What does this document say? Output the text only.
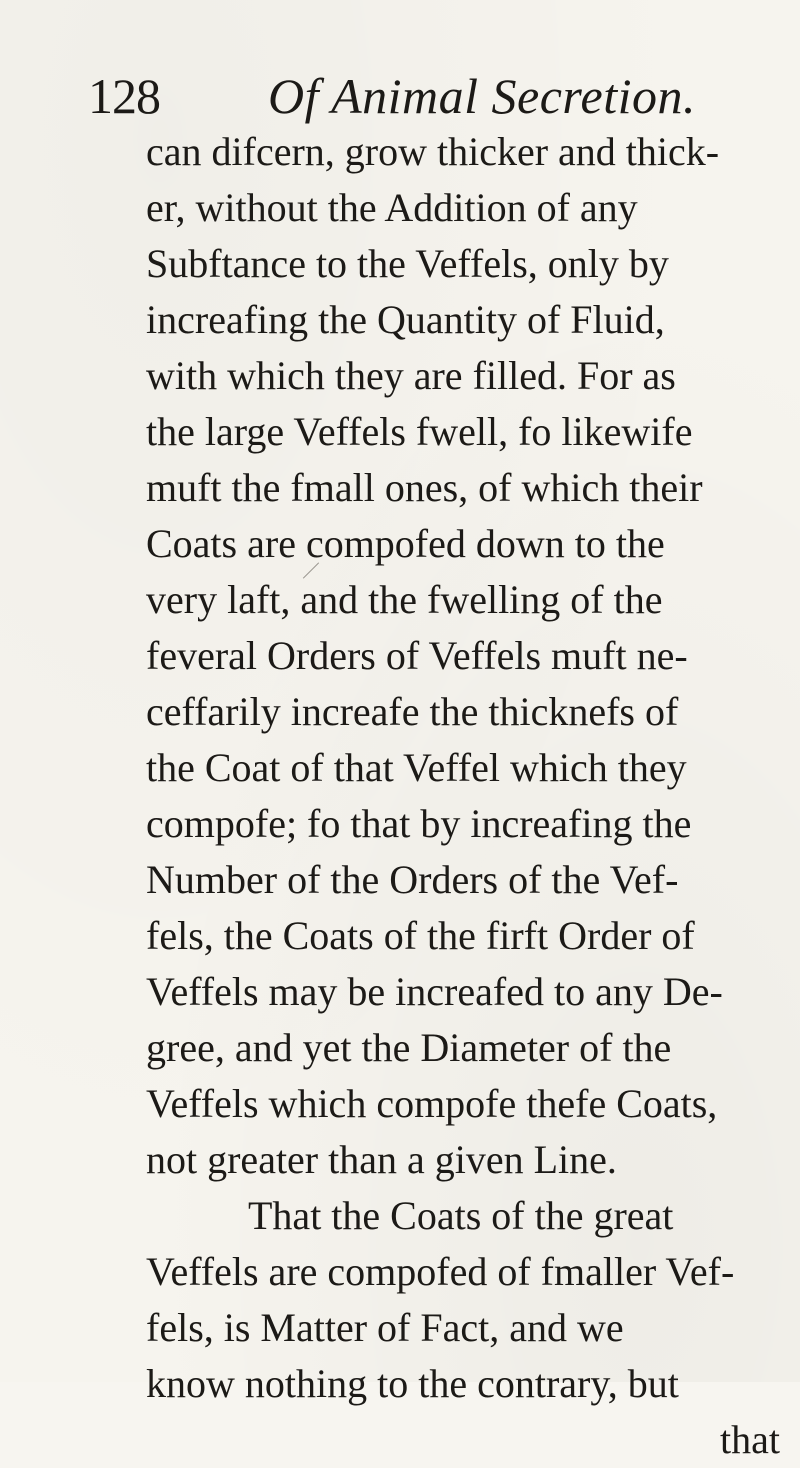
128 Of Animal Secretion.
can difcern, grow thicker and thick-
er, without the Addition of any
Subftance to the Veffels, only by
increafing the Quantity of Fluid,
with which they are filled. For as
the large Veffels fwell, fo likewife
muft the fmall ones, of which their
Coats are compofed down to the
very laft, and the fwelling of the
feveral Orders of Veffels muft ne-
ceffarily increafe the thicknefs of
the Coat of that Veffel which they
compofe; fo that by increafing the
Number of the Orders of the Vef-
fels, the Coats of the firft Order of
Veffels may be increafed to any De-
gree, and yet the Diameter of the
Veffels which compofe thefe Coats,
not greater than a given Line.
That the Coats of the great
Veffels are compofed of fmaller Vef-
fels, is Matter of Fact, and we
know nothing to the contrary, but
that
